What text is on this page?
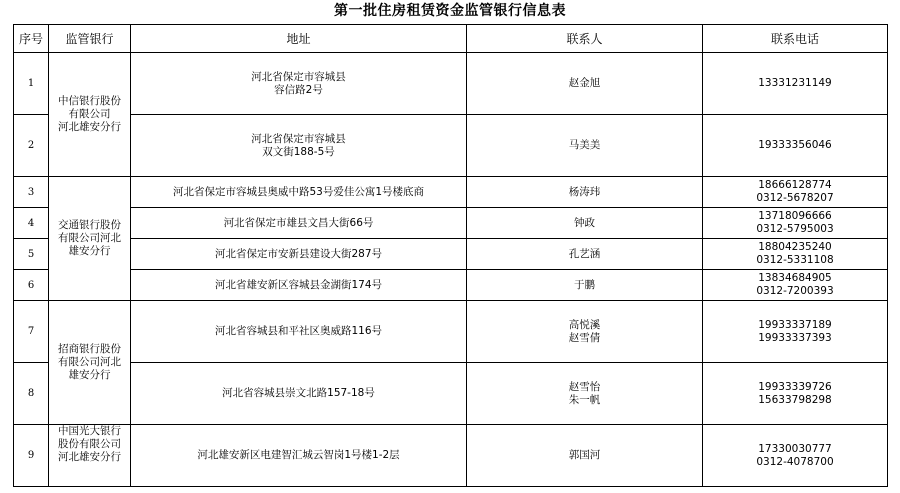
第一批住房租赁资金监管银行信息表
序号	监管银行	地址	联系人	联系电话
1	中信银行股份
有限公司
河北雄安分行	河北省保定市容城县
容信路2号	赵金旭	13331231149

2		河北省保定市容城县
双文街188-5号	马美美	19333356046

3	交通银行股份
有限公司河北
雄安分行	河北省保定市容城县奥威中路53号爱佳公寓1号楼底商	杨涛玮	18666128774
0312-5678207

4		河北省保定市雄县文昌大街66号	钟政	13718096666
0312-5795003

5		河北省保定市安新县建设大街287号	孔艺涵	18804235240
0312-5331108

6		河北省雄安新区容城县金湖街174号	于鹏	13834684905
0312-7200393

7	招商银行股份
有限公司河北
雄安分行	河北省容城县和平社区奥威路116号	高悦溪
赵雪倩	19933337189
19933337393

8		河北省容城县崇文北路157-18号	赵雪怡
朱一帆	19933339726
15633798298

9	中国光大银行
股份有限公司
河北雄安分行	河北雄安新区电建智汇城云智岗1号楼1-2层	郭国河	17330030777
0312-4078700
